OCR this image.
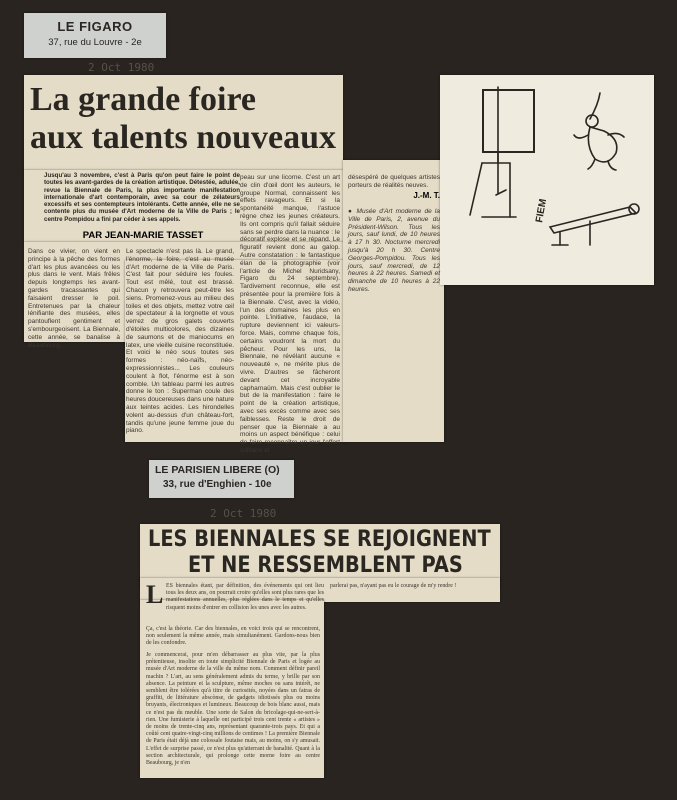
LE FIGARO
37, rue du Louvre - 2e
2 Oct 1980
La grande foire
aux talents nouveaux
Jusqu'au 3 novembre, c'est à Paris qu'on peut faire le point de toutes les avant-gardes de la création artistique. Détestée, adulée, revue la Biennale de Paris, la plus importante manifestation internationale d'art contemporain, avec sa cour de zélateurs excessifs et ses contempteurs intolérants. Cette année, elle ne se contente plus du musée d'Art moderne de la Ville de Paris ; le centre Pompidou a fini par céder à ses appels.
PAR JEAN-MARIE TASSET
Dans ce vivier, on vient en principe à la pêche des formes d'art les plus avancées ou les plus dans le vent. Mais frêles depuis longtemps les avant-gardes tracassantes qui faisaient dresser le poil. Entretenues par la chaleur lénifiante des musées, elles pantouflent gentiment et s'embourgeoisent. La Biennale, cette année, se banalise à Beaubourg.
Le spectacle n'est pas là. Le grand, l'énorme, la foire, c'est au musée d'Art moderne de la Ville de Paris. C'est fait pour séduire les foules. Tout est mêlé, tout est brassé. Chacun y retrouvera peut-être les siens. Promenez-vous au milieu des toiles et des objets, mettez votre œil de spectateur à la lorgnette et vous verrez de gros galets couverts d'étoiles multicolores, des dizaines de saumons et de maniocums en latex, une vieille cuisine reconstituée. Et voici le néo sous toutes ses formes : néo-naïfs, néo-expressionnistes... Les couleurs coulent à flot, l'énorme est à son comble. Un tableau parmi les autres donne le ton : Superman coule des heures doucereuses dans une nature aux teintes acides. Les hirondelles volent au-dessus d'un château-fort, tandis qu'une jeune femme joue du piano.
peau sur une licorne. C'est un art de clin d'œil dont les auteurs, le groupe Normal, connaissent les effets ravageurs. Et si la spontanéité manque, l'astuce règne chez les jeunes créateurs. Ils ont compris qu'il fallait séduire sans se perdre dans la nuance : le décoratif explose et se répand. Le figuratif revient donc au galop. Autre constatation : le fantastique élan de la photographie (voir l'article de Michel Nuridsany, Figaro du 24 septembre). Tardivement reconnue, elle est présentée pour la première fois à la Biennale. C'est, avec la vidéo, l'un des domaines les plus en pointe. L'initiative, l'audace, la rupture deviennent ici valeurs-force. Mais, comme chaque fois, certains voudront la mort du pêcheur. Pour les uns, la Biennale, ne révélant aucune « nouveauté », ne mérite plus de vivre. D'autres se fâcheront devant cet incroyable capharnaüm. Mais c'est oublier le but de la manifestation : faire le point de la création artistique, avec ses excès comme avec ses faiblesses. Reste le droit de penser que la Biennale a au moins un aspect bénéfique : celui de faire reconnaître un jour l'effort solitaire et
désespéré de quelques artistes porteurs de réalités neuves.
J.-M. T.
● Musée d'Art moderne de la Ville de Paris, 2, avenue du Président-Wilson. Tous les jours, sauf lundi, de 10 heures à 17 h 30. Nocturne mercredi jusqu'à 20 h 30. Centre Georges-Pompidou. Tous les jours, sauf mercredi, de 12 heures à 22 heures. Samedi et dimanche de 10 heures à 22 heures.
FIEM
LE PARISIEN LIBERE (O)
33, rue d'Enghien - 10e
2 Oct 1980
LES BIENNALES SE REJOIGNENT
ET NE RESSEMBLENT PAS
L ES biennales étant, par définition, des événements qui ont lieu tous les deux ans, on pourrait croire qu'elles sont plus rares que les manifestations annuelles, plus réglées dans le temps et qu'elles risquent moins d'entrer en collision les unes avec les autres.
parlerai pas, n'ayant pas eu le courage de m'y rendre !
Ça, c'est la théorie. Car des biennales, en voici trois qui se rencontrent, non seulement la même année, mais simultanément. Gardons-nous bien de les confondre.
Je commencerai, pour m'en débarrasser au plus vite, par la plus prétentieuse, insolite en toute simplicité Biennale de Paris et logée au musée d'Art moderne de la ville du même nom. Comment définir pareil machin ? L'art, au sens généralement admis du terme, y brille par son absence. La peinture et la sculpture, même moches ou sans intérêt, ne semblent être tolérées qu'à titre de curiosités, noyées dans un fatras de graffiti, de littérature abscònse, de gadgets idiotissés plus ou moins bruyants, électroniques et lumineux. Beaucoup de bois blanc aussi, mais ce n'est pas du meuble. Une sorte de Salon du bricolage-qui-ne-sert-à-rien. Une fumisterie à laquelle ont participé trois cent trente « artistes » de moins de trente-cinq ans, représentant quarante-trois pays. Et qui a coûté cent quatre-vingt-cinq millions de centimes ! La première Biennale de Paris était déjà une colossale foutaise mais, au moins, on s'y amusait. L'effet de surprise passé, ce n'est plus qu'atterrant de banalité. Quant à la section architecturale, qui prolonge cette morne foire au centre Beaubourg, je n'en
